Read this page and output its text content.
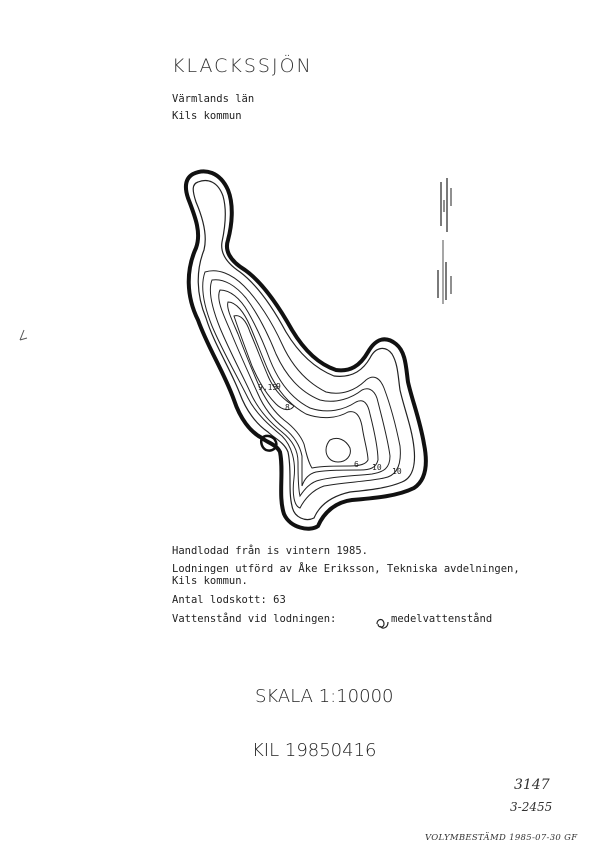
KLACKSSJÖN
Värmlands län
Kils kommun
9,15
9
8
6 10 10
Handlodad från is vintern 1985.
Lodningen utförd av Åke Eriksson, Tekniska avdelningen,
Kils kommun.
Antal lodskott: 63
Vattenstånd vid lodningen:	medelvattenstånd
SKALA 1:10000
KIL 19850416
3147
3-2455
VOLYMBESTÄMD 1985-07-30 GF
